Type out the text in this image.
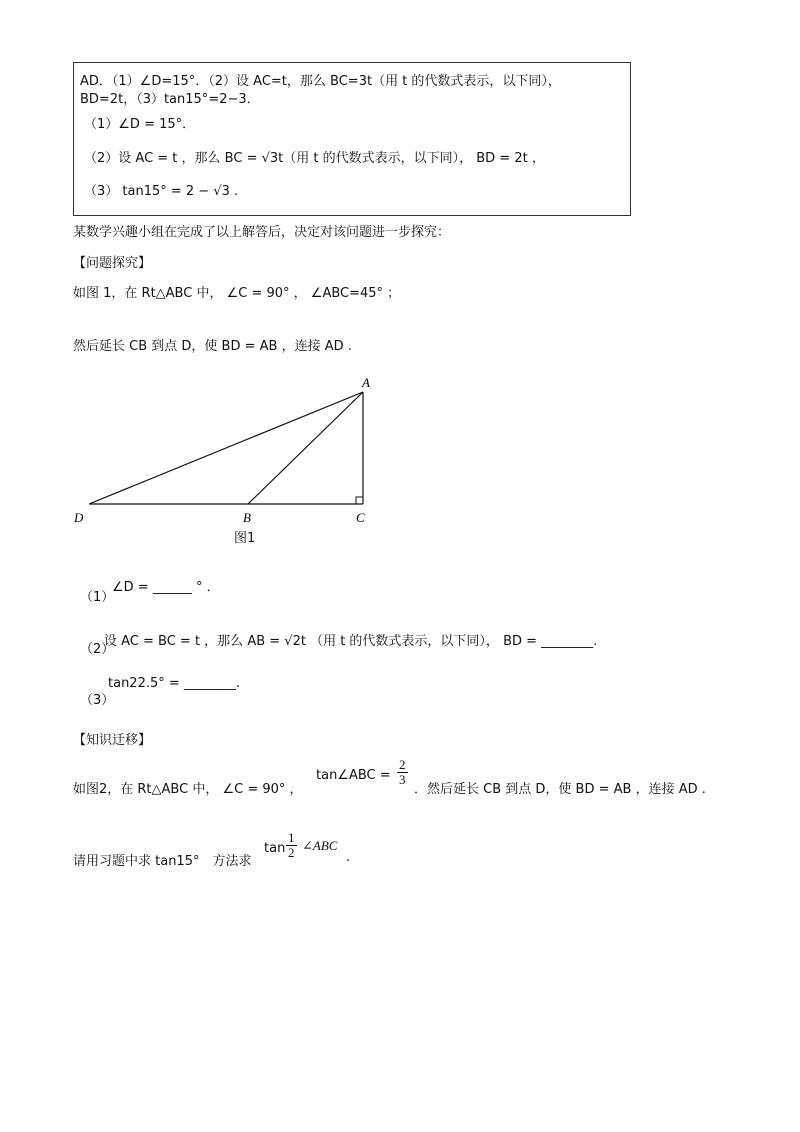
AD．（1）∠D=15°．（2）设 AC=t，那么 BC=3t（用 t 的代数式表示，以下同），
BD=2t，（3）tan15°=2−3．
（1）∠D = 15°．
（2）设 AC = t ，那么 BC = √3t（用 t 的代数式表示，以下同）， BD = 2t ，
（3） tan15° = 2 − √3 .
某数学兴趣小组在完成了以上解答后，决定对该问题进一步探究：
【问题探究】
如图 1，在 Rt△ABC 中， ∠C = 90° ， ∠ABC=45° ；
然后延长 CB 到点 D，使 BD = AB ，连接 AD .
A
D	B	C
图1
（1）
∠D = ______ ° ．
（2）
设 AC = BC = t ，那么 AB = √2t （用 t 的代数式表示，以下同）， BD = ________.
（3）
tan22.5° = ________.
【知识迁移】
如图2，在 Rt△ABC 中， ∠C = 90° ，
tan∠ABC = $\frac{2}{3}$
．然后延长 CB 到点 D，使 BD = AB ，连接 AD .
请用习题中求 tan15°　方法求
$\tan \frac{1}{2}$ ∠ABC
.
